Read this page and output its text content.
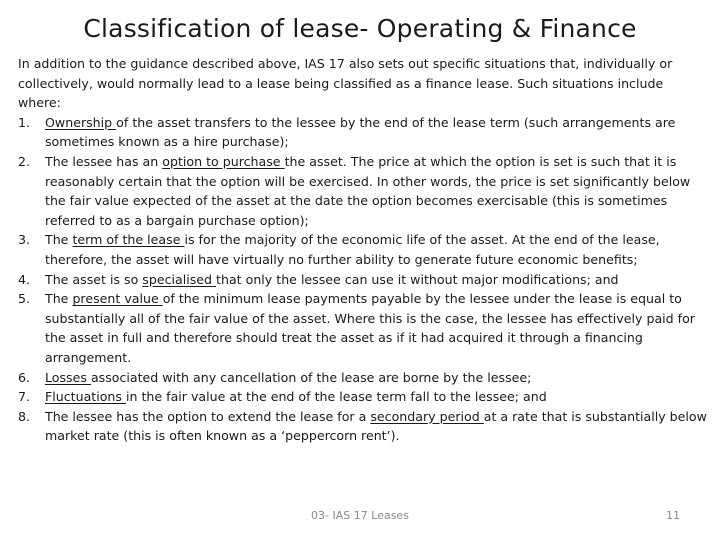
Classification of lease- Operating & Finance

In addition to the guidance described above, IAS 17 also sets out specific situations that, individually or collectively, would normally lead to a lease being classified as a finance lease. Such situations include where:

1.	Ownership of the asset transfers to the lessee by the end of the lease term (such arrangements are sometimes known as a hire purchase);
2.	The lessee has an option to purchase the asset. The price at which the option is set is such that it is reasonably certain that the option will be exercised. In other words, the price is set significantly below the fair value expected of the asset at the date the option becomes exercisable (this is sometimes referred to as a bargain purchase option);
3.	The term of the lease is for the majority of the economic life of the asset. At the end of the lease, therefore, the asset will have virtually no further ability to generate future economic benefits;
4.	The asset is so specialised that only the lessee can use it without major modifications; and
5.	The present value of the minimum lease payments payable by the lessee under the lease is equal to substantially all of the fair value of the asset. Where this is the case, the lessee has effectively paid for the asset in full and therefore should treat the asset as if it had acquired it through a financing arrangement.
6.	Losses associated with any cancellation of the lease are borne by the lessee;
7.	Fluctuations in the fair value at the end of the lease term fall to the lessee; and
8.	The lessee has the option to extend the lease for a secondary period at a rate that is substantially below market rate (this is often known as a ‘peppercorn rent’).
03- IAS 17 Leases	11
